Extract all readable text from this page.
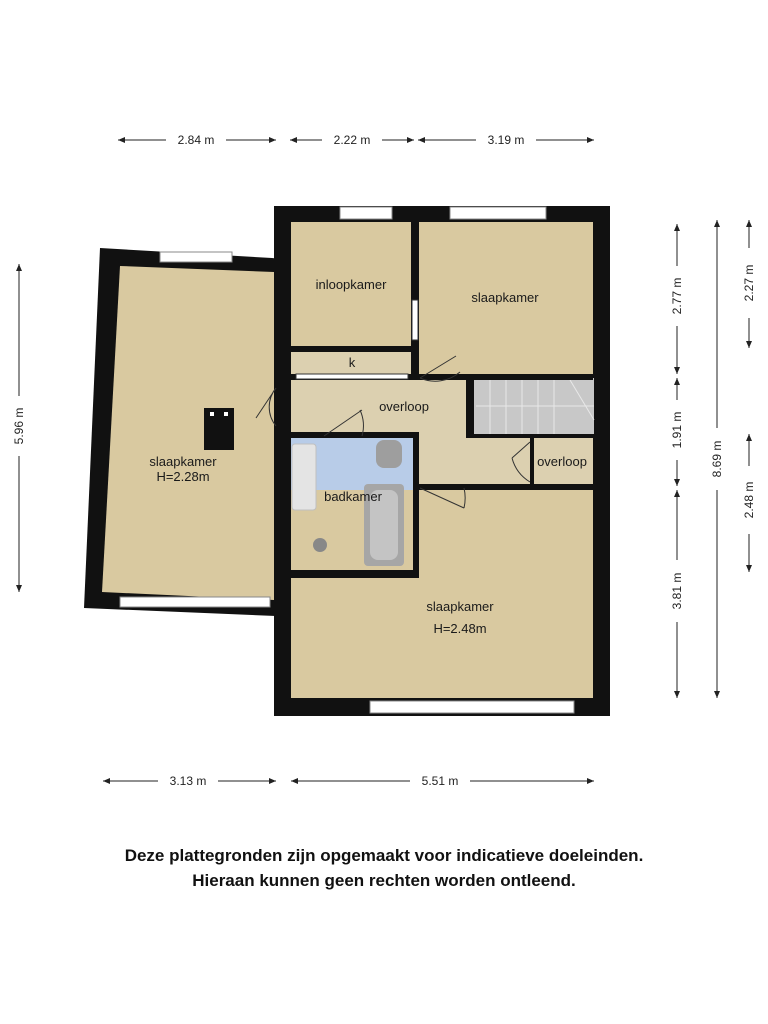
2.84 m	2.22 m	3.19 m
3.13 m	5.51 m
5.96 m
2.77 m
1.91 m
3.81 m
8.69 m
2.27 m
2.48 m
inloopkamer
slaapkamer
slaapkamer
H=2.28m
k
overloop
overloop
badkamer
slaapkamer
H=2.48m
Deze plattegronden zijn opgemaakt voor indicatieve doeleinden.
Hieraan kunnen geen rechten worden ontleend.
